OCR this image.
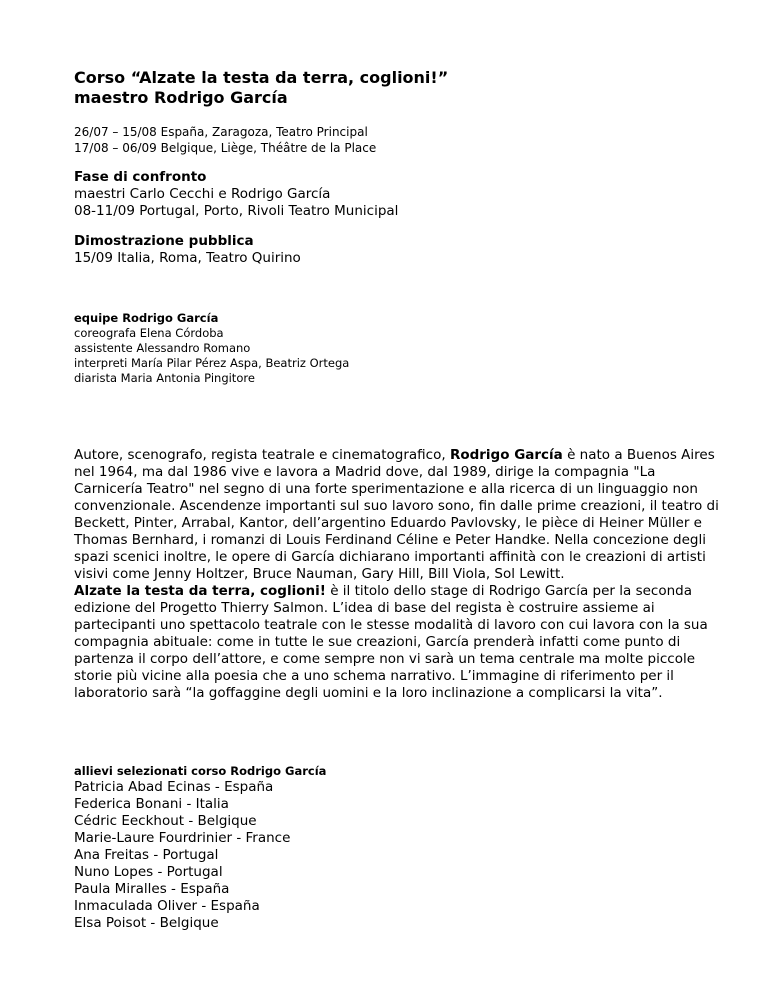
Corso “Alzate la testa da terra, coglioni!”
maestro Rodrigo García
26/07 – 15/08 España, Zaragoza, Teatro Principal
17/08 – 06/09 Belgique, Liège, Théâtre de la Place
Fase di confronto
maestri Carlo Cecchi e Rodrigo García
08-11/09 Portugal, Porto, Rivoli Teatro Municipal
Dimostrazione pubblica
15/09 Italia, Roma, Teatro Quirino
equipe Rodrigo García
coreografa Elena Córdoba
assistente Alessandro Romano
interpreti María Pilar Pérez Aspa, Beatriz Ortega
diarista Maria Antonia Pingitore

Autore, scenografo, regista teatrale e cinematografico, Rodrigo García è nato a Buenos Aires nel 1964, ma dal 1986 vive e lavora a Madrid dove, dal 1989, dirige la compagnia "La Carnicería Teatro" nel segno di una forte sperimentazione e alla ricerca di un linguaggio non convenzionale. Ascendenze importanti sul suo lavoro sono, fin dalle prime creazioni, il teatro di Beckett, Pinter, Arrabal, Kantor, dell’argentino Eduardo Pavlovsky, le pièce di Heiner Müller e Thomas Bernhard, i romanzi di Louis Ferdinand Céline e Peter Handke. Nella concezione degli spazi scenici inoltre, le opere di García dichiarano importanti affinità con le creazioni di artisti visivi come Jenny Holtzer, Bruce Nauman, Gary Hill, Bill Viola, Sol Lewitt.

Alzate la testa da terra, coglioni! è il titolo dello stage di Rodrigo García per la seconda edizione del Progetto Thierry Salmon. L’idea di base del regista è costruire assieme ai partecipanti uno spettacolo teatrale con le stesse modalità di lavoro con cui lavora con la sua compagnia abituale: come in tutte le sue creazioni, García prenderà infatti come punto di partenza il corpo dell’attore, e come sempre non vi sarà un tema centrale ma molte piccole storie più vicine alla poesia che a uno schema narrativo. L’immagine di riferimento per il laboratorio sarà “la goffaggine degli uomini e la loro inclinazione a complicarsi la vita”.

allievi selezionati corso Rodrigo García
Patricia Abad Ecinas - España
Federica Bonani - Italia
Cédric Eeckhout - Belgique
Marie-Laure Fourdrinier - France
Ana Freitas - Portugal
Nuno Lopes - Portugal
Paula Miralles - España
Inmaculada Oliver - España
Elsa Poisot - Belgique
